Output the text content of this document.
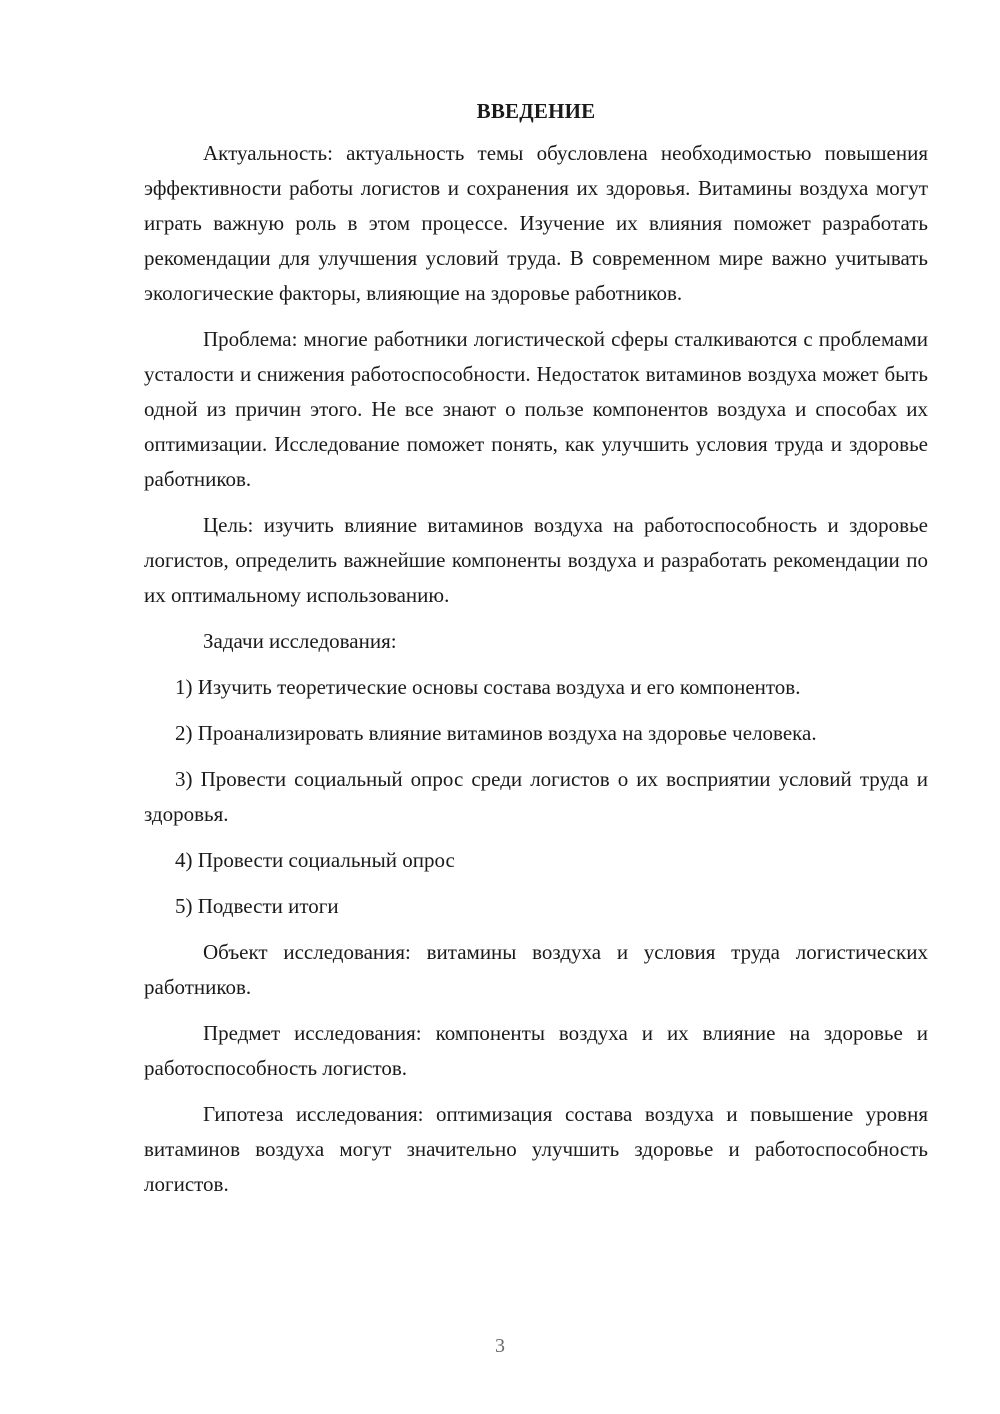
ВВЕДЕНИЕ

Актуальность: актуальность темы обусловлена необходимостью повышения эффективности работы логистов и сохранения их здоровья. Витамины воздуха могут играть важную роль в этом процессе. Изучение их влияния поможет разработать рекомендации для улучшения условий труда. В современном мире важно учитывать экологические факторы, влияющие на здоровье работников.

Проблема: многие работники логистической сферы сталкиваются с проблемами усталости и снижения работоспособности. Недостаток витаминов воздуха может быть одной из причин этого. Не все знают о пользе компонентов воздуха и способах их оптимизации. Исследование поможет понять, как улучшить условия труда и здоровье работников.

Цель: изучить влияние витаминов воздуха на работоспособность и здоровье логистов, определить важнейшие компоненты воздуха и разработать рекомендации по их оптимальному использованию.

Задачи исследования:

1) Изучить теоретические основы состава воздуха и его компонентов.

2) Проанализировать влияние витаминов воздуха на здоровье человека.

3) Провести социальный опрос среди логистов о их восприятии условий труда и здоровья.

4) Провести социальный опрос

5) Подвести итоги

Объект исследования: витамины воздуха и условия труда логистических работников.

Предмет исследования: компоненты воздуха и их влияние на здоровье и работоспособность логистов.

Гипотеза исследования: оптимизация состава воздуха и повышение уровня витаминов воздуха могут значительно улучшить здоровье и работоспособность логистов.

3
